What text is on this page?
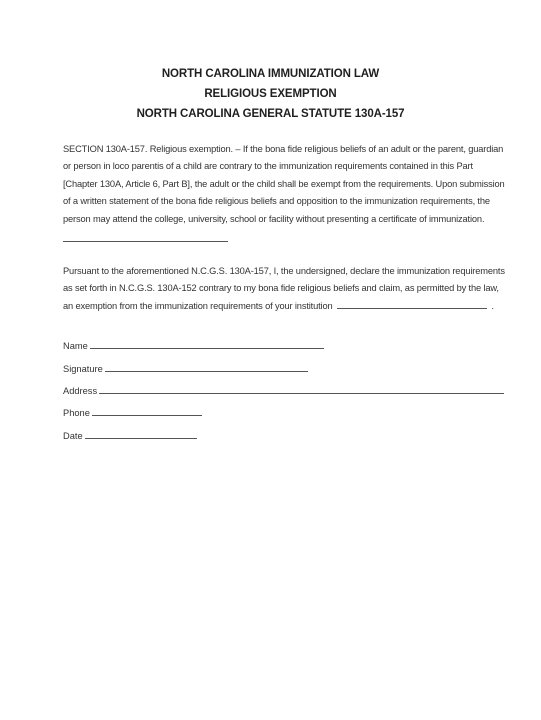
NORTH CAROLINA IMMUNIZATION LAW
RELIGIOUS EXEMPTION
NORTH CAROLINA GENERAL STATUTE 130A-157
SECTION 130A-157. Religious exemption. – If the bona fide religious beliefs of an adult or the parent, guardian
or person in loco parentis of a child are contrary to the immunization requirements contained in this Part
[Chapter 130A, Article 6, Part B], the adult or the child shall be exempt from the requirements. Upon submission
of a written statement of the bona fide religious beliefs and opposition to the immunization requirements, the
person may attend the college, university, school or facility without presenting a certificate of immunization.
Pursuant to the aforementioned N.C.G.S. 130A-157, I, the undersigned, declare the immunization requirements
as set forth in N.C.G.S. 130A-152 contrary to my bona fide religious beliefs and claim, as permitted by the law,
an exemption from the immunization requirements of your institution	.
Name
Signature
Address
Phone
Date
